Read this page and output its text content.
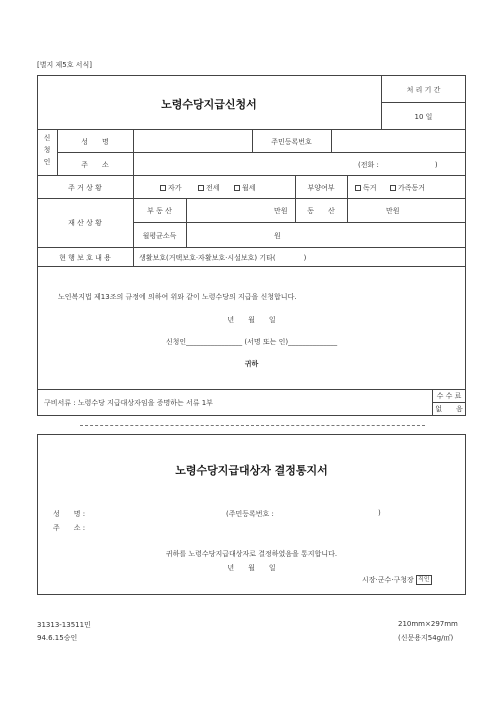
[별지 제5호 서식]
노령수당지급신청서
처 리 기 간
10 일
신청인
성　　명	주민등록번호
주　　소	(전화 :　　　　　　　　)
주 거 상 황	자가	전세	월세	부양여부	독거	가족동거
재 산 상 황
부 동 산	만원	동　　산	만원
월평균소득	원
현 행 보 호 내 용	생활보호(거택보호·자활보호·시설보호) 기타(　　　　)
노인복지법 제13조의 규정에 의하여 위와 같이 노령수당의 지급을 신청합니다.
년　　월　　일
신청인________________ (서명 또는 인)______________
귀하
구비서류 : 노령수당 지급대상자임을 증명하는 서류 1부
수 수 료
없　　음
노령수당지급대상자 결정통지서
성　　명 :	(주민등록번호 :	)
주　　소 :
귀하를 노령수당지급대상자로 결정하였음을 통지합니다.
년　　월　　일
시장·군수·구청장 직인
31313-13511민
94.6.15승인
210mm×297mm
(신문용지54g/㎡)
